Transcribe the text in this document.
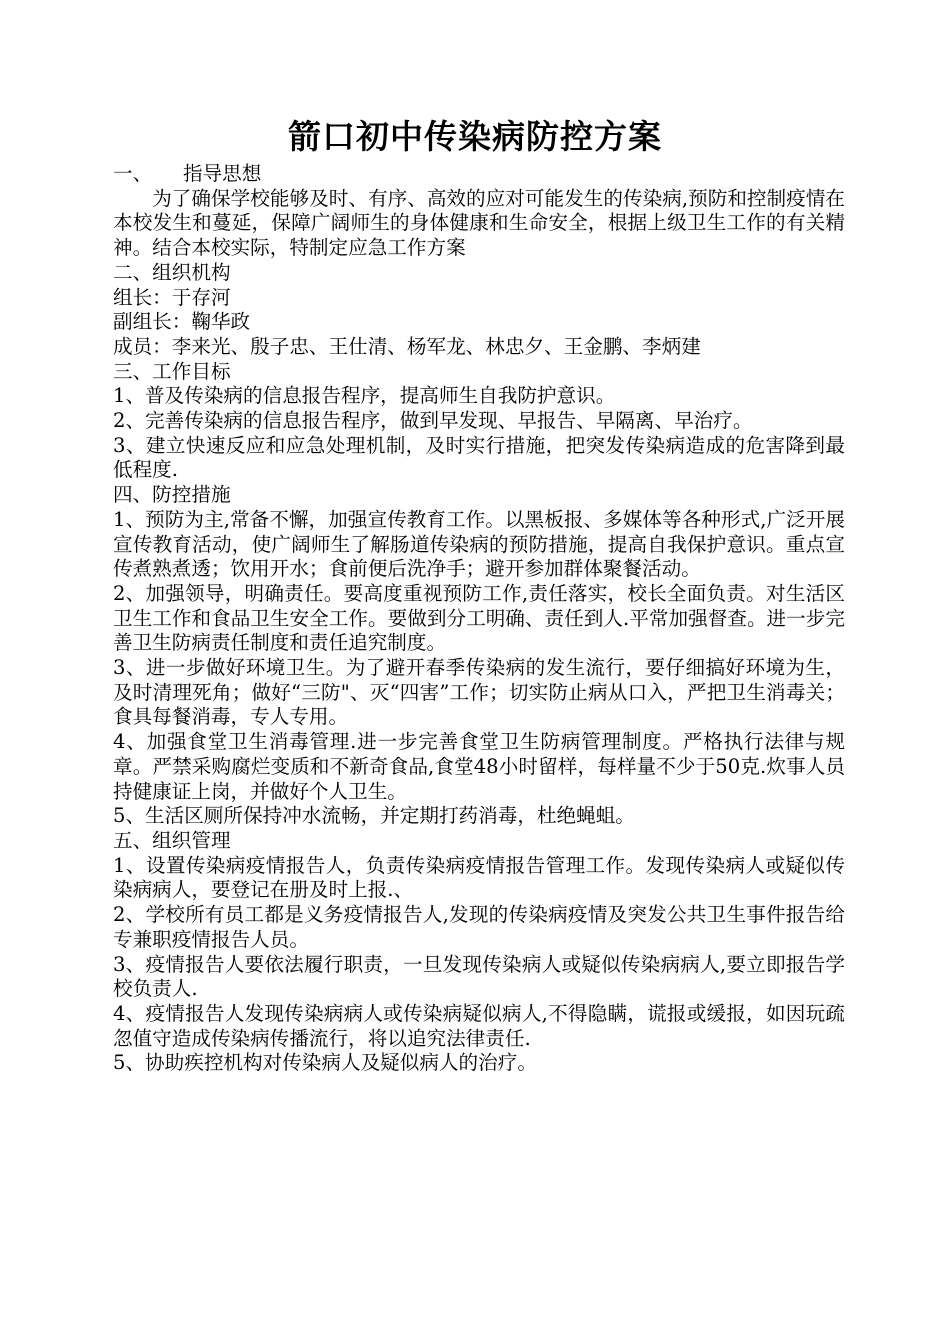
箭口初中传染病防控方案

一、 指导思想

为了确保学校能够及时、有序、高效的应对可能发生的传染病,预防和控制疫情在本校发生和蔓延，保障广阔师生的身体健康和生命安全，根据上级卫生工作的有关精神。结合本校实际，特制定应急工作方案

二、组织机构

组长：于存河

副组长：鞠华政

成员：李来光、殷子忠、王仕清、杨军龙、林忠夕、王金鹏、李炳建

三、工作目标

1、普及传染病的信息报告程序，提高师生自我防护意识。

2、完善传染病的信息报告程序，做到早发现、早报告、早隔离、早治疗。

3、建立快速反应和应急处理机制，及时实行措施，把突发传染病造成的危害降到最低程度.

四、防控措施

1、预防为主,常备不懈，加强宣传教育工作。以黑板报、多媒体等各种形式,广泛开展宣传教育活动，使广阔师生了解肠道传染病的预防措施，提高自我保护意识。重点宣传煮熟煮透；饮用开水；食前便后洗净手；避开参加群体聚餐活动。

2、加强领导，明确责任。要高度重视预防工作,责任落实，校长全面负责。对生活区卫生工作和食品卫生安全工作。要做到分工明确、责任到人.平常加强督查。进一步完善卫生防病责任制度和责任追究制度。

3、进一步做好环境卫生。为了避开春季传染病的发生流行，要仔细搞好环境为生，及时清理死角；做好“三防"、灭“四害”工作；切实防止病从口入，严把卫生消毒关；食具每餐消毒，专人专用。

4、加强食堂卫生消毒管理.进一步完善食堂卫生防病管理制度。严格执行法律与规章。严禁采购腐烂变质和不新奇食品,食堂48小时留样，每样量不少于50克.炊事人员持健康证上岗，并做好个人卫生。

5、生活区厕所保持冲水流畅，并定期打药消毒，杜绝蝇蛆。

五、组织管理

1、设置传染病疫情报告人，负责传染病疫情报告管理工作。发现传染病人或疑似传染病病人，要登记在册及时上报.、

2、学校所有员工都是义务疫情报告人,发现的传染病疫情及突发公共卫生事件报告给专兼职疫情报告人员。

3、疫情报告人要依法履行职责，一旦发现传染病人或疑似传染病病人,要立即报告学校负责人.

4、疫情报告人发现传染病病人或传染病疑似病人,不得隐瞒，谎报或缓报，如因玩疏忽值守造成传染病传播流行，将以追究法律责任.

5、协助疾控机构对传染病人及疑似病人的治疗。
